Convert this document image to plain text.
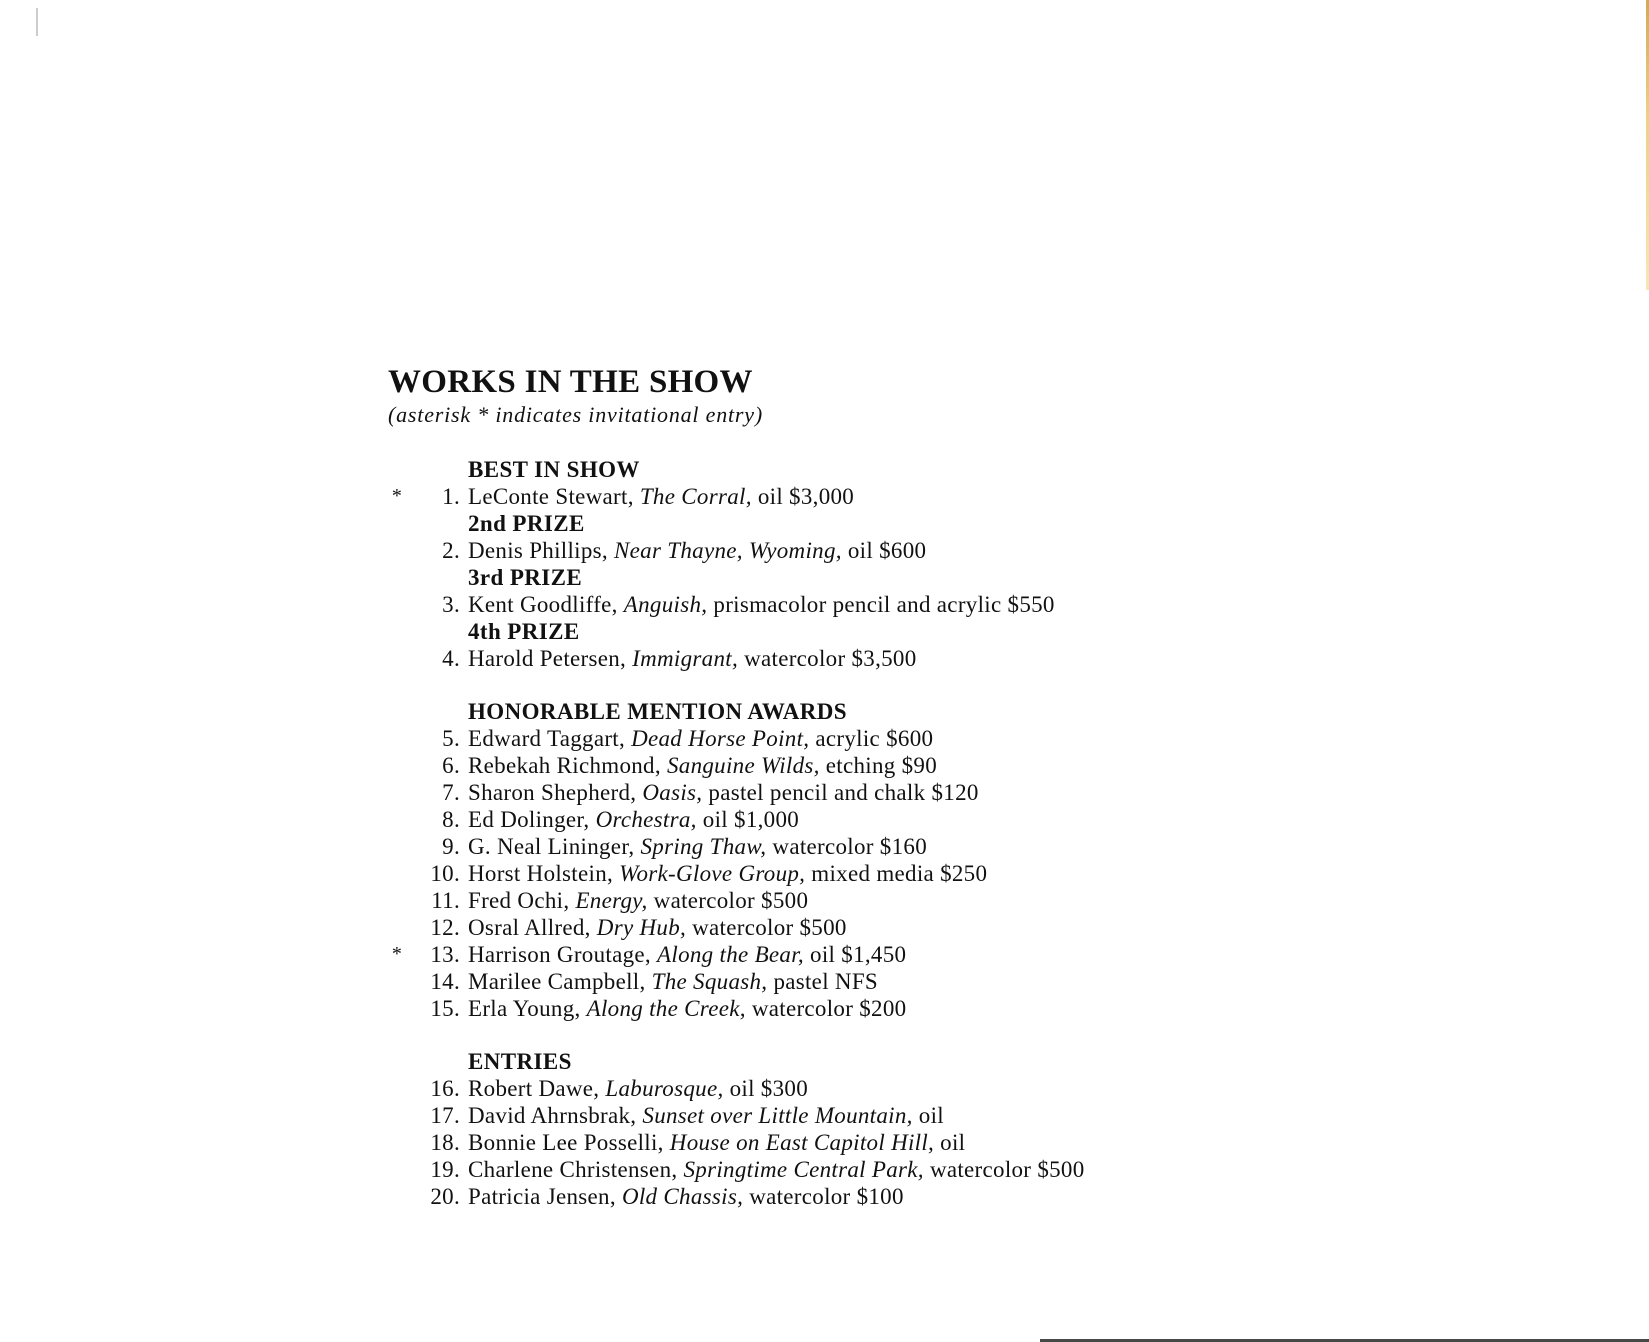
WORKS IN THE SHOW

(asterisk * indicates invitational entry)

BEST IN SHOW
*	1. LeConte Stewart, The Corral, oil $3,000
2nd PRIZE
2. Denis Phillips, Near Thayne, Wyoming, oil $600
3rd PRIZE
3. Kent Goodliffe, Anguish, prismacolor pencil and acrylic $550
4th PRIZE
4. Harold Petersen, Immigrant, watercolor $3,500
HONORABLE MENTION AWARDS
5. Edward Taggart, Dead Horse Point, acrylic $600
6. Rebekah Richmond, Sanguine Wilds, etching $90
7. Sharon Shepherd, Oasis, pastel pencil and chalk $120
8. Ed Dolinger, Orchestra, oil $1,000
9. G. Neal Lininger, Spring Thaw, watercolor $160
10. Horst Holstein, Work-Glove Group, mixed media $250
11. Fred Ochi, Energy, watercolor $500
12. Osral Allred, Dry Hub, watercolor $500
*	13. Harrison Groutage, Along the Bear, oil $1,450
14. Marilee Campbell, The Squash, pastel NFS
15. Erla Young, Along the Creek, watercolor $200
ENTRIES
16. Robert Dawe, Laburosque, oil $300
17. David Ahrnsbrak, Sunset over Little Mountain, oil
18. Bonnie Lee Posselli, House on East Capitol Hill, oil
19. Charlene Christensen, Springtime Central Park, watercolor $500
20. Patricia Jensen, Old Chassis, watercolor $100
